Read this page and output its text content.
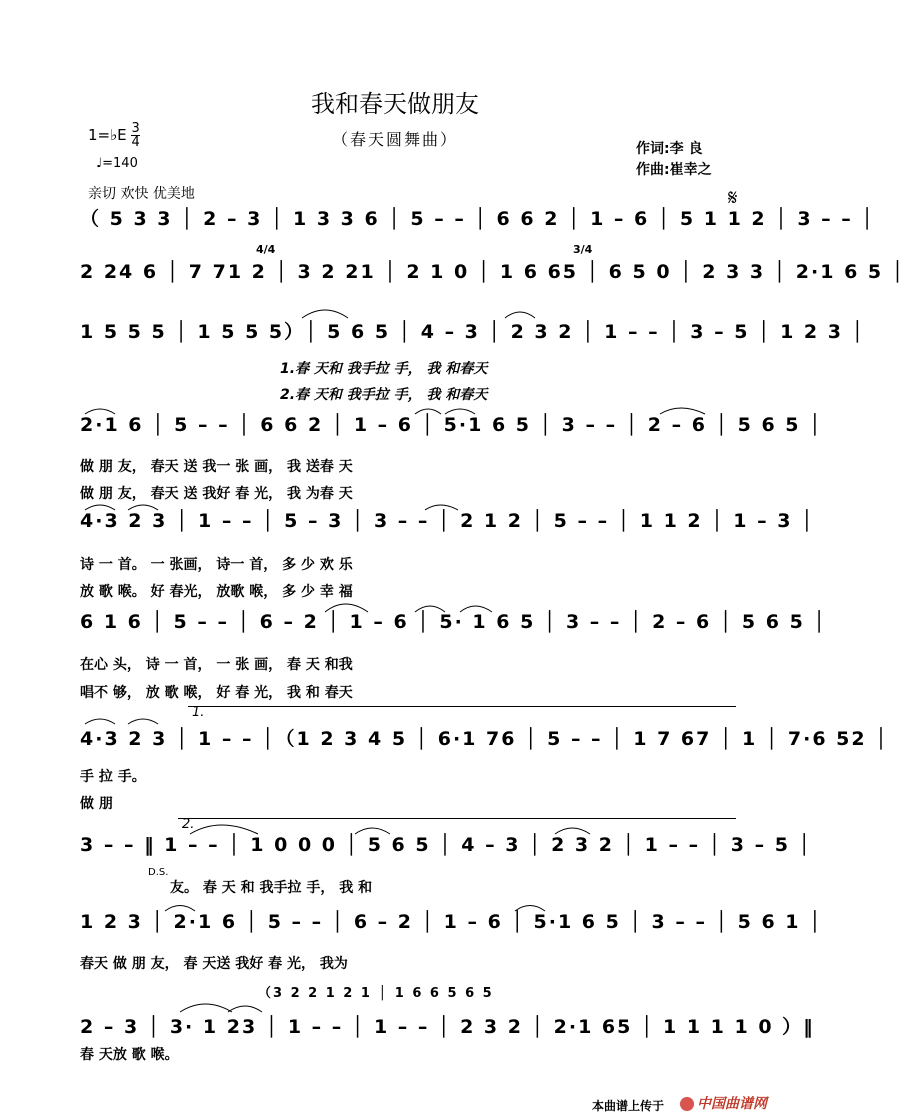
我和春天做朋友
（春天圆舞曲）	作词:李 良
作曲:崔幸之
1=♭E $\frac{3}{4}$
♩=140
亲切 欢快 优美地	𝄋
（ 5 3 3 │ 2 – 3 │ 1 3 3 6 │ 5 – – │ 6 6 2 │ 1 – 6 │ 5 1 1 2 │ 3 – – │
4/4	3/4
2 24 6 │ 7 71 2 │ 3 2 21 │ 2 1 0 │ 1 6 65 │ 6 5 0 │ 2 3 3 │ 2·1 6 5 │
1 5 5 5 │ 1 5 5 5）│ 5 6 5 │ 4 – 3 │ 2 3 2 │ 1 – – │ 3 – 5 │ 1 2 3 │
1.春 天和 我手拉 手， 我 和春天
2.春 天和 我手拉 手， 我 和春天
2·1 6 │ 5 – – │ 6 6 2 │ 1 – 6 │ 5·1 6 5 │ 3 – – │ 2 – 6 │ 5 6 5 │
做 朋 友， 春天 送 我一 张 画， 我 送春 天
做 朋 友， 春天 送 我好 春 光， 我 为春 天
4·3 2 3 │ 1 – – │ 5 – 3 │ 3 – – │ 2 1 2 │ 5 – – │ 1 1 2 │ 1 – 3 │
诗 一 首。 一 张画， 诗一 首， 多 少 欢 乐
放 歌 喉。 好 春光， 放歌 喉， 多 少 幸 福
6 1 6 │ 5 – – │ 6 – 2 │ 1 – 6 │ 5· 1 6 5 │ 3 – – │ 2 – 6 │ 5 6 5 │
在心 头， 诗 一 首， 一 张 画， 春 天 和我
唱不 够， 放 歌 喉， 好 春 光， 我 和 春天
1.
4·3 2 3 │ 1 – – │（1 2 3 4 5 │ 6·1 76 │ 5 – – │ 1 7 67 │ 1 │ 7·6 52 │
手 拉 手。
做 朋
2.
3 – – ‖ 1 – – │ 1 0 0 0 │ 5 6 5 │ 4 – 3 │ 2 3 2 │ 1 – – │ 3 – 5 │
D.S.
友。 春 天 和 我手拉 手， 我 和
1 2 3 │ 2·1 6 │ 5 – – │ 6 – 2 │ 1 – 6 │ 5·1 6 5 │ 3 – – │ 5 6 1 │
春天 做 朋 友， 春 天送 我好 春 光， 我为
（3 2 2 1 2 1 │ 1 6 6 5 6 5
2 – 3 │ 3· 1 23 │ 1 – – │ 1 – – │ 2 3 2 │ 2·1 65 │ 1 1 1 1 0 ）‖
春 天放 歌 喉。
本曲谱上传于	中国曲谱网
